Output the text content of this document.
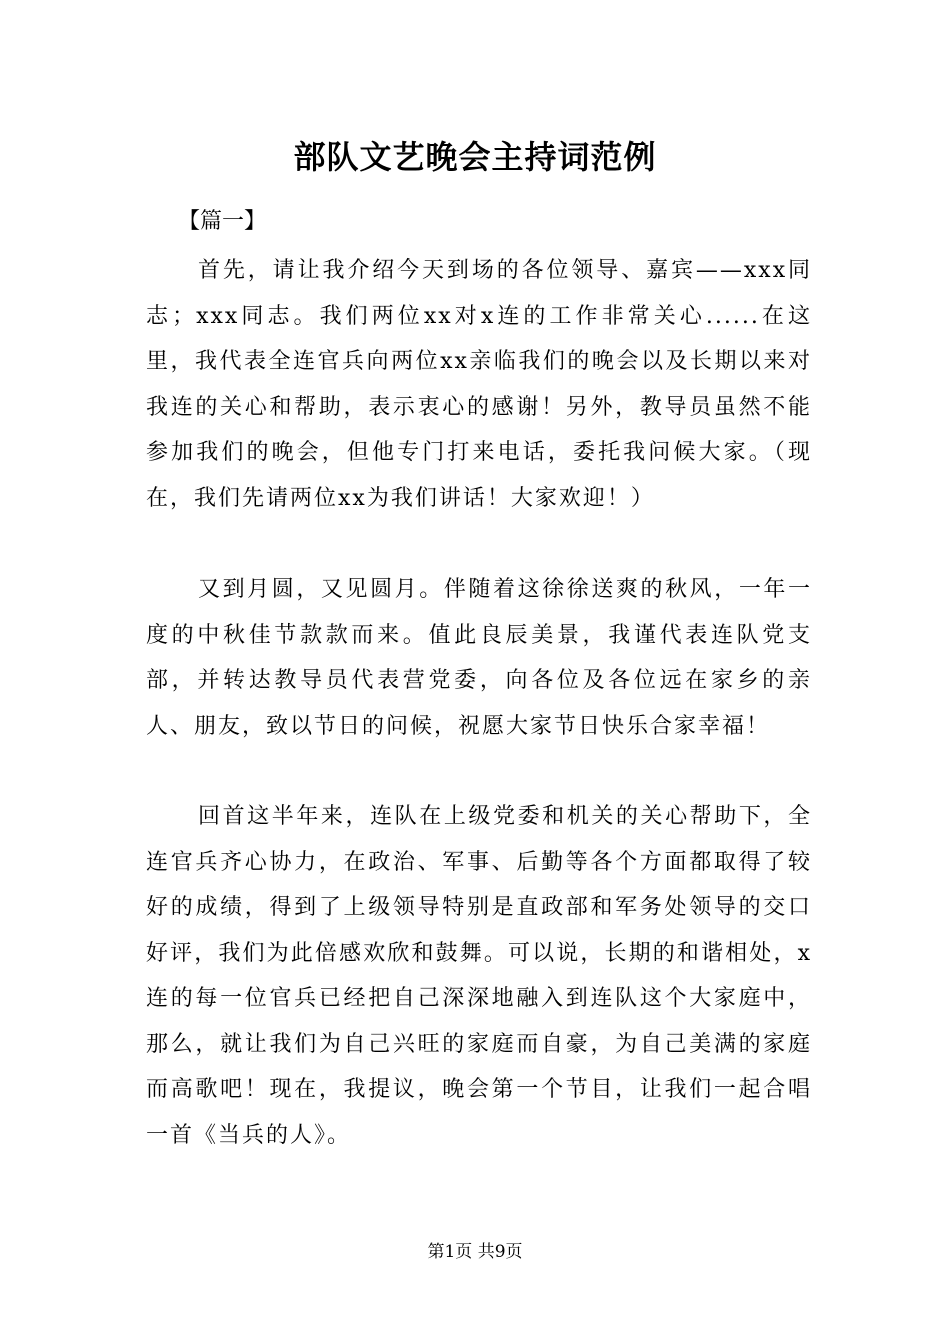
部队文艺晚会主持词范例
【篇一】

首先，请让我介绍今天到场的各位领导、嘉宾——xxx同志；xxx同志。我们两位xx对x连的工作非常关心......在这里，我代表全连官兵向两位xx亲临我们的晚会以及长期以来对我连的关心和帮助，表示衷心的感谢！另外，教导员虽然不能参加我们的晚会，但他专门打来电话，委托我问候大家。（现在，我们先请两位xx为我们讲话！大家欢迎！）

又到月圆，又见圆月。伴随着这徐徐送爽的秋风，一年一度的中秋佳节款款而来。值此良辰美景，我谨代表连队党支部，并转达教导员代表营党委，向各位及各位远在家乡的亲人、朋友，致以节日的问候，祝愿大家节日快乐合家幸福！

回首这半年来，连队在上级党委和机关的关心帮助下，全连官兵齐心协力，在政治、军事、后勤等各个方面都取得了较好的成绩，得到了上级领导特别是直政部和军务处领导的交口好评，我们为此倍感欢欣和鼓舞。可以说，长期的和谐相处，x连的每一位官兵已经把自己深深地融入到连队这个大家庭中，那么，就让我们为自己兴旺的家庭而自豪，为自己美满的家庭而高歌吧！现在，我提议，晚会第一个节目，让我们一起合唱一首《当兵的人》。

第1页 共9页
